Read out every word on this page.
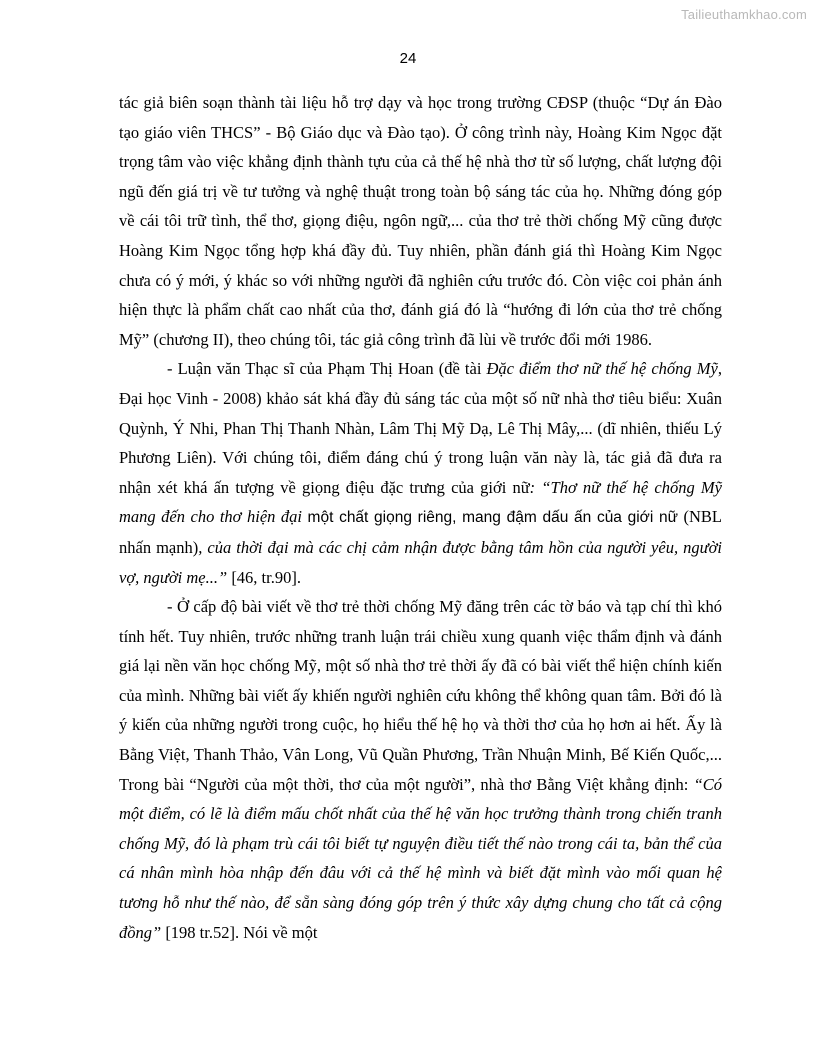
Tailieuthamkhao.com
24

tác giả biên soạn thành tài liệu hỗ trợ dạy và học trong trường CĐSP (thuộc “Dự án Đào tạo giáo viên THCS” - Bộ Giáo dục và Đào tạo). Ở công trình này, Hoàng Kim Ngọc đặt trọng tâm vào việc khẳng định thành tựu của cả thế hệ nhà thơ từ số lượng, chất lượng đội ngũ đến giá trị về tư tưởng và nghệ thuật trong toàn bộ sáng tác của họ. Những đóng góp về cái tôi trữ tình, thể thơ, giọng điệu, ngôn ngữ,... của thơ trẻ thời chống Mỹ cũng được Hoàng Kim Ngọc tổng hợp khá đầy đủ. Tuy nhiên, phần đánh giá thì Hoàng Kim Ngọc chưa có ý mới, ý khác so với những người đã nghiên cứu trước đó. Còn việc coi phản ánh hiện thực là phẩm chất cao nhất của thơ, đánh giá đó là “hướng đi lớn của thơ trẻ chống Mỹ” (chương II), theo chúng tôi, tác giả công trình đã lùi về trước đổi mới 1986.

- Luận văn Thạc sĩ của Phạm Thị Hoan (đề tài Đặc điểm thơ nữ thế hệ chống Mỹ, Đại học Vinh - 2008) khảo sát khá đầy đủ sáng tác của một số nữ nhà thơ tiêu biểu: Xuân Quỳnh, Ý Nhi, Phan Thị Thanh Nhàn, Lâm Thị Mỹ Dạ, Lê Thị Mây,... (dĩ nhiên, thiếu Lý Phương Liên). Với chúng tôi, điểm đáng chú ý trong luận văn này là, tác giả đã đưa ra nhận xét khá ấn tượng về giọng điệu đặc trưng của giới nữ: “Thơ nữ thế hệ chống Mỹ mang đến cho thơ hiện đại một chất giọng riêng, mang đậm dấu ấn của giới nữ (NBL nhấn mạnh), của thời đại mà các chị cảm nhận được bằng tâm hồn của người yêu, người vợ, người mẹ...” [46, tr.90].

- Ở cấp độ bài viết về thơ trẻ thời chống Mỹ đăng trên các tờ báo và tạp chí thì khó tính hết. Tuy nhiên, trước những tranh luận trái chiều xung quanh việc thẩm định và đánh giá lại nền văn học chống Mỹ, một số nhà thơ trẻ thời ấy đã có bài viết thể hiện chính kiến của mình. Những bài viết ấy khiến người nghiên cứu không thể không quan tâm. Bởi đó là ý kiến của những người trong cuộc, họ hiểu thế hệ họ và thời thơ của họ hơn ai hết. Ấy là Bằng Việt, Thanh Thảo, Vân Long, Vũ Quần Phương, Trần Nhuận Minh, Bế Kiến Quốc,... Trong bài “Người của một thời, thơ của một người”, nhà thơ Bằng Việt khẳng định: “Có một điểm, có lẽ là điểm mấu chốt nhất của thế hệ văn học trưởng thành trong chiến tranh chống Mỹ, đó là phạm trù cái tôi biết tự nguyện điều tiết thế nào trong cái ta, bản thể của cá nhân mình hòa nhập đến đâu với cả thế hệ mình và biết đặt mình vào mối quan hệ tương hỗ như thế nào, để sẵn sàng đóng góp trên ý thức xây dựng chung cho tất cả cộng đồng” [198 tr.52]. Nói về một
